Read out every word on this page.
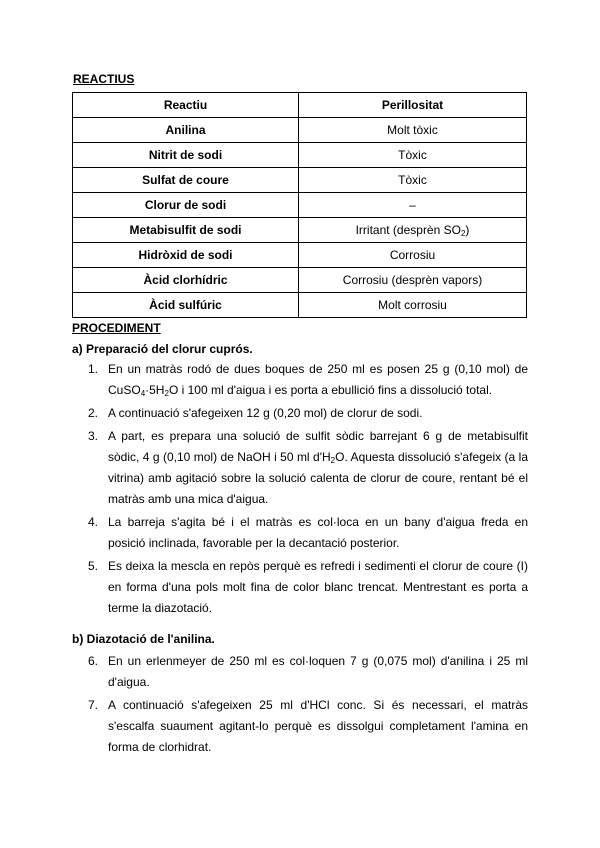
REACTIUS
Reactiu	Perillositat
Anilina	Molt tòxic
Nitrit de sodi	Tòxic
Sulfat de coure	Tòxic
Clorur de sodi	–
Metabisulfit de sodi	Irritant (desprèn $SO_2$)
Hidròxid de sodi	Corrosiu
Àcid clorhídric	Corrosiu (desprèn vapors)
Àcid sulfúric	Molt corrosiu
PROCEDIMENT
a) Preparació del clorur cuprós.
1. En un matràs rodó de dues boques de 250 ml es posen 25 g (0,10 mol) de $CuSO_4\cdot 5H_2O$ i 100 ml d'aigua i es porta a ebullició fins a dissolució total.
2. A continuació s'afegeixen 12 g (0,20 mol) de clorur de sodi.
3. A part, es prepara una solució de sulfit sòdic barrejant 6 g de metabisulfit sòdic, 4 g (0,10 mol) de NaOH i 50 ml $d'H_2O$. Aquesta dissolució s'afegeix (a la vitrina) amb agitació sobre la solució calenta de clorur de coure, rentant bé el matràs amb una mica d'aigua.
4. La barreja s'agita bé i el matràs es col·loca en un bany d'aigua freda en posició inclinada, favorable per la decantació posterior.
5. Es deixa la mescla en repòs perquè es refredi i sedimenti el clorur de coure (I) en forma d'una pols molt fina de color blanc trencat. Mentrestant es porta a terme la diazotació.
b) Diazotació de l'anilina.
6. En un erlenmeyer de 250 ml es col·loquen 7 g (0,075 mol) d'anilina i 25 ml d'aigua.
7. A continuació s'afegeixen 25 ml d'HCl conc. Si és necessari, el matràs s'escalfa suaument agitant-lo perquè es dissolgui completament l'amina en forma de clorhidrat.
